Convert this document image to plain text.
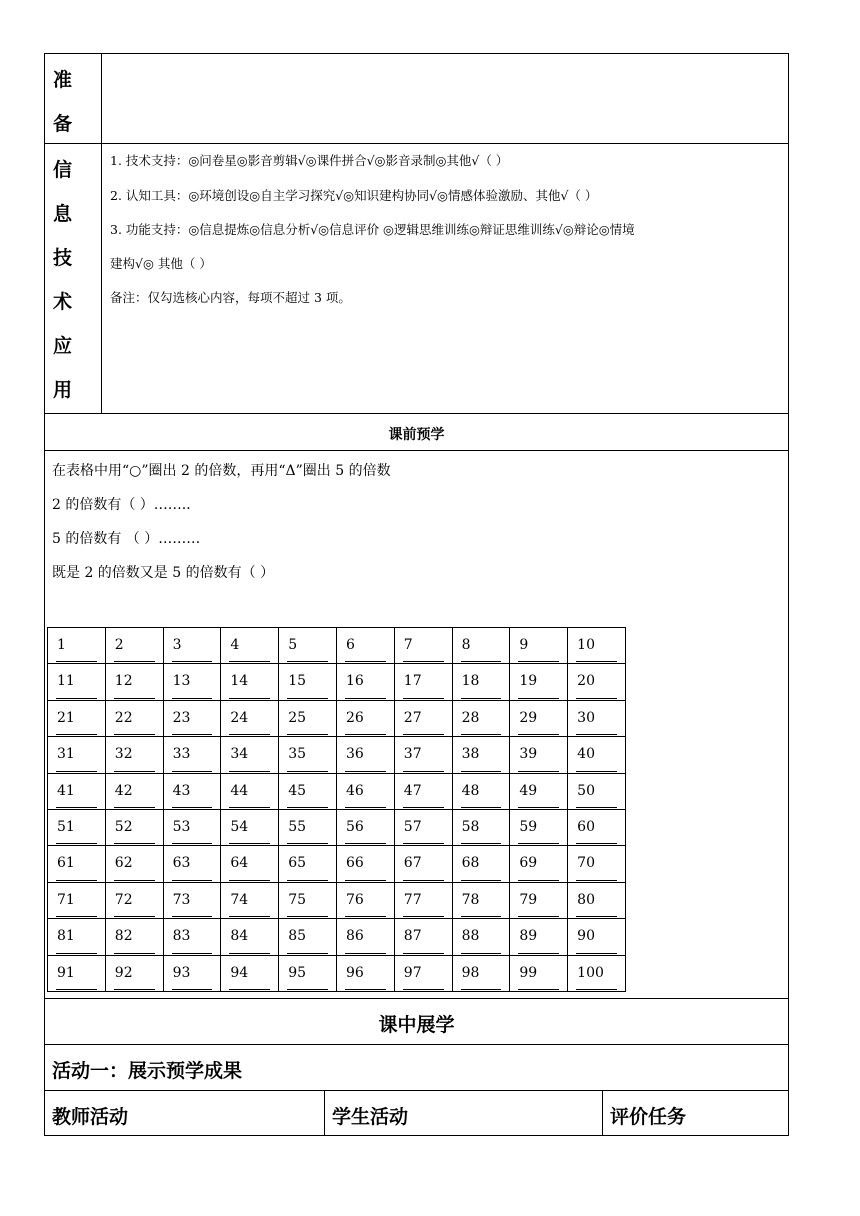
准
备
信
息
技
术
应
用
1. 技术支持：◎问卷星◎影音剪辑√◎课件拼合√◎影音录制◎其他√（ ）
2. 认知工具：◎环境创设◎自主学习探究√◎知识建构协同√◎情感体验激励、其他√（ ）
3. 功能支持：◎信息提炼◎信息分析√◎信息评价 ◎逻辑思维训练◎辩证思维训练√◎辩论◎情境
建构√◎ 其他（ ）
备注：仅勾选核心内容，每项不超过 3 项。
课前预学
在表格中用“○”圈出 2 的倍数，再用“Δ”圈出 5 的倍数
2 的倍数有（ ）…….．
5 的倍数有 （ ）………
既是 2 的倍数又是 5 的倍数有（ ）
1	2	3	4	5	6	7	8	9	10

11	12	13	14	15	16	17	18	19	20

21	22	23	24	25	26	27	28	29	30

31	32	33	34	35	36	37	38	39	40

41	42	43	44	45	46	47	48	49	50

51	52	53	54	55	56	57	58	59	60

61	62	63	64	65	66	67	68	69	70

71	72	73	74	75	76	77	78	79	80

81	82	83	84	85	86	87	88	89	90

91	92	93	94	95	96	97	98	99	100
课中展学
活动一：展示预学成果
教师活动	学生活动	评价任务
